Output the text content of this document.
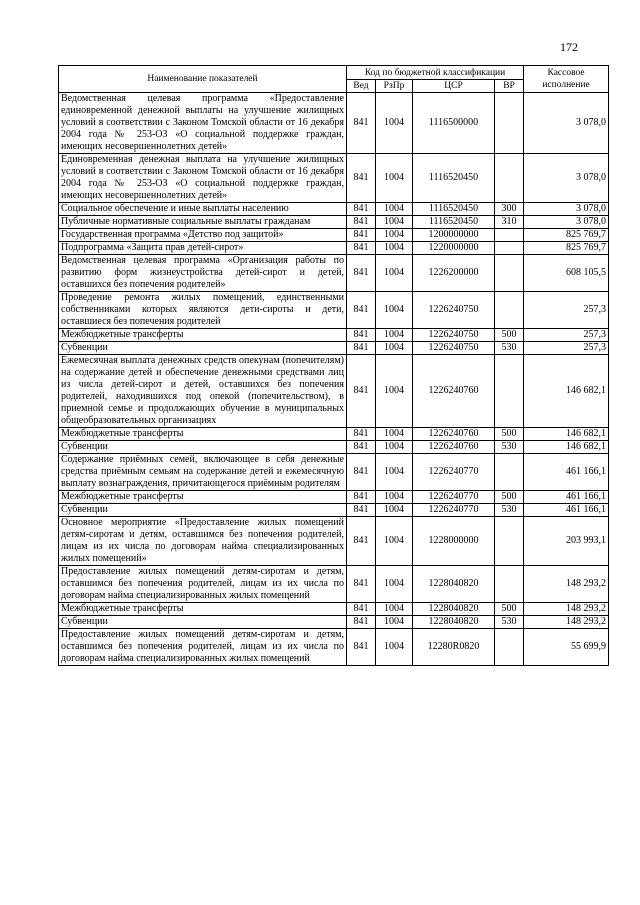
172
Наименование показателей	Код по бюджетной классификации				Кассовое исполнение
	Вед	РзПр	ЦСР	ВР	
Ведомственная целевая программа «Предоставление единовременной денежной выплаты на улучшение жилищных условий в соответствии с Законом Томской области от 16 декабря 2004 года № 253-ОЗ «О социальной поддержке граждан, имеющих несовершеннолетних детей»	841	1004	1116500000		3 078,0
Единовременная денежная выплата на улучшение жилищных условий в соответствии с Законом Томской области от 16 декабря 2004 года № 253-ОЗ «О социальной поддержке граждан, имеющих несовершеннолетних детей»	841	1004	1116520450		3 078,0
Социальное обеспечение и иные выплаты населению	841	1004	1116520450	300	3 078,0
Публичные нормативные социальные выплаты гражданам	841	1004	1116520450	310	3 078,0
Государственная программа «Детство под защитой»	841	1004	1200000000		825 769,7
Подпрограмма «Защита прав детей-сирот»	841	1004	1220000000		825 769,7
Ведомственная целевая программа «Организация работы по развитию форм жизнеустройства детей-сирот и детей, оставшихся без попечения родителей»	841	1004	1226200000		608 105,5
Проведение ремонта жилых помещений, единственными собственниками которых являются дети-сироты и дети, оставшиеся без попечения родителей	841	1004	1226240750		257,3
Межбюджетные трансферты	841	1004	1226240750	500	257,3
Субвенции	841	1004	1226240750	530	257,3
Ежемесячная выплата денежных средств опекунам (попечителям) на содержание детей и обеспечение денежными средствами лиц из числа детей-сирот и детей, оставшихся без попечения родителей, находившихся под опекой (попечительством), в приемной семье и продолжающих обучение в муниципальных общеобразовательных организациях	841	1004	1226240760		146 682,1
Межбюджетные трансферты	841	1004	1226240760	500	146 682,1
Субвенции	841	1004	1226240760	530	146 682,1
Содержание приёмных семей, включающее в себя денежные средства приёмным семьям на содержание детей и ежемесячную выплату вознаграждения, причитающегося приёмным родителям	841	1004	1226240770		461 166,1
Межбюджетные трансферты	841	1004	1226240770	500	461 166,1
Субвенции	841	1004	1226240770	530	461 166,1
Основное мероприятие «Предоставление жилых помещений детям-сиротам и детям, оставшимся без попечения родителей, лицам из их числа по договорам найма специализированных жилых помещений»	841	1004	1228000000		203 993,1
Предоставление жилых помещений детям-сиротам и детям, оставшимся без попечения родителей, лицам из их числа по договорам найма специализированных жилых помещений	841	1004	1228040820		148 293,2
Межбюджетные трансферты	841	1004	1228040820	500	148 293,2
Субвенции	841	1004	1228040820	530	148 293,2
Предоставление жилых помещений детям-сиротам и детям, оставшимся без попечения родителей, лицам из их числа по договорам найма специализированных жилых помещений	841	1004	12280R0820		55 699,9
